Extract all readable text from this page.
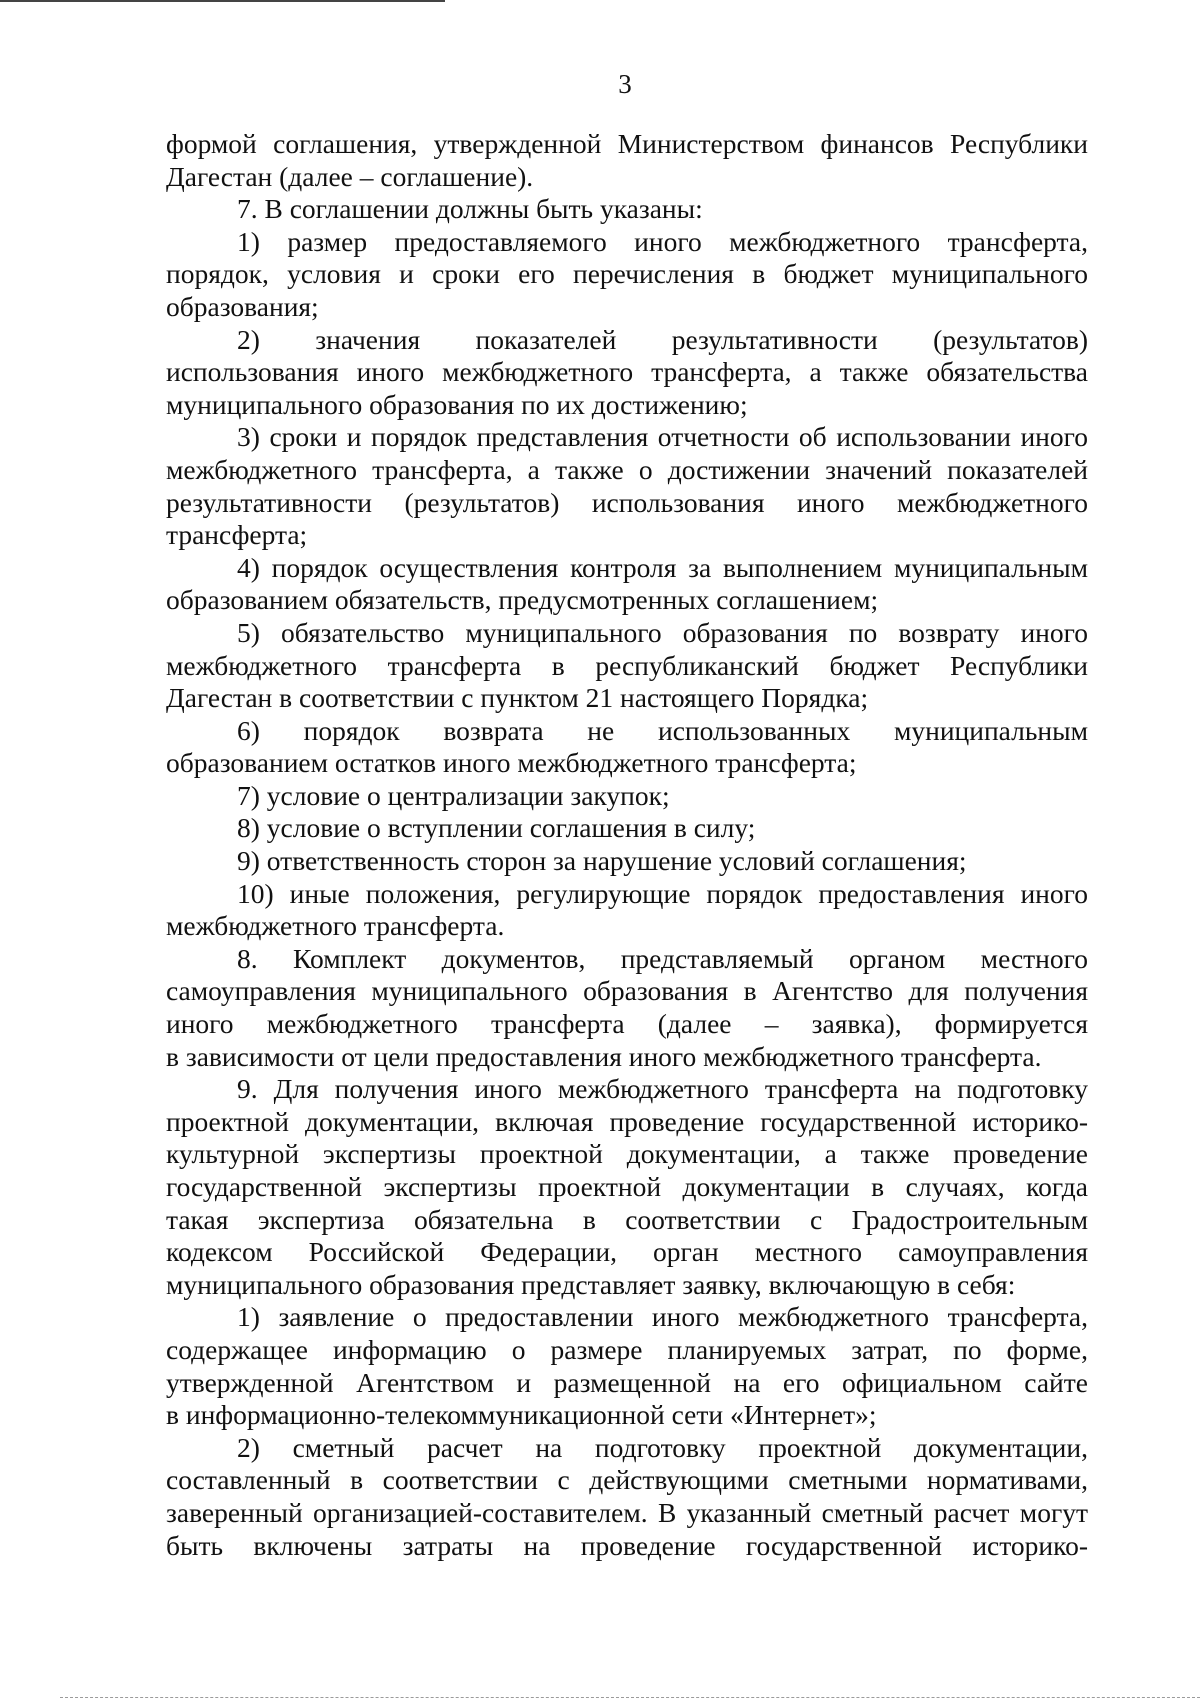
3
формой соглашения, утвержденной Министерством финансов Республики
Дагестан (далее – соглашение).
7. В соглашении должны быть указаны:
1) размер предоставляемого иного межбюджетного трансферта,
порядок, условия и сроки его перечисления в бюджет муниципального
образования;
2) значения показателей результативности (результатов)
использования иного межбюджетного трансферта, а также обязательства
муниципального образования по их достижению;
3) сроки и порядок представления отчетности об использовании иного
межбюджетного трансферта, а также о достижении значений показателей
результативности (результатов) использования иного межбюджетного
трансферта;
4) порядок осуществления контроля за выполнением муниципальным
образованием обязательств, предусмотренных соглашением;
5) обязательство муниципального образования по возврату иного
межбюджетного трансферта в республиканский бюджет Республики
Дагестан в соответствии с пунктом 21 настоящего Порядка;
6) порядок возврата не использованных муниципальным
образованием остатков иного межбюджетного трансферта;
7) условие о централизации закупок;
8) условие о вступлении соглашения в силу;
9) ответственность сторон за нарушение условий соглашения;
10) иные положения, регулирующие порядок предоставления иного
межбюджетного трансферта.
8. Комплект документов, представляемый органом местного
самоуправления муниципального образования в Агентство для получения
иного межбюджетного трансферта (далее – заявка), формируется
в зависимости от цели предоставления иного межбюджетного трансферта.
9. Для получения иного межбюджетного трансферта на подготовку
проектной документации, включая проведение государственной историко-
культурной экспертизы проектной документации, а также проведение
государственной экспертизы проектной документации в случаях, когда
такая экспертиза обязательна в соответствии с Градостроительным
кодексом Российской Федерации, орган местного самоуправления
муниципального образования представляет заявку, включающую в себя:
1) заявление о предоставлении иного межбюджетного трансферта,
содержащее информацию о размере планируемых затрат, по форме,
утвержденной Агентством и размещенной на его официальном сайте
в информационно-телекоммуникационной сети «Интернет»;
2) сметный расчет на подготовку проектной документации,
составленный в соответствии с действующими сметными нормативами,
заверенный организацией-составителем. В указанный сметный расчет могут
быть включены затраты на проведение государственной историко-
